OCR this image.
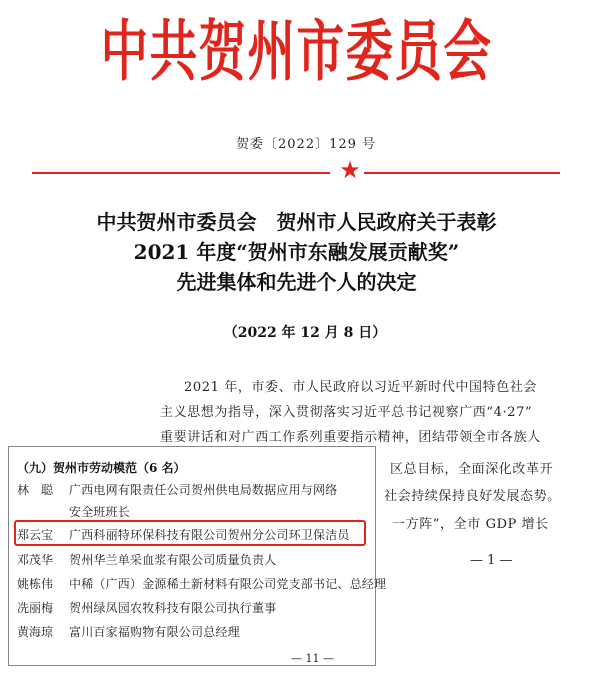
中共贺州市委员会
贺委〔2022〕129 号
★
中共贺州市委员会　贺州市人民政府关于表彰
2021 年度“贺州市东融发展贡献奖”
先进集体和先进个人的决定
（2022 年 12 月 8 日）
2021 年，市委、市人民政府以习近平新时代中国特色社会
主义思想为指导，深入贯彻落实习近平总书记视察广西“4·27”
重要讲话和对广西工作系列重要指示精神，团结带领全市各族人
区总目标，全面深化改革开
社会持续保持良好发展态势。
一方阵”，全市 GDP 增长
— 1 —
（九）贺州市劳动模范（6 名）
林　聪 广西电网有限责任公司贺州供电局数据应用与网络
安全班班长
郑云宝 广西科丽特环保科技有限公司贺州分公司环卫保洁员
邓茂华 贺州华兰单采血浆有限公司质量负责人
姚栋伟 中稀（广西）金源稀土新材料有限公司党支部书记、总经理
冼丽梅 贺州绿凤园农牧科技有限公司执行董事
黄海琼 富川百家福购物有限公司总经理
— 11 —
